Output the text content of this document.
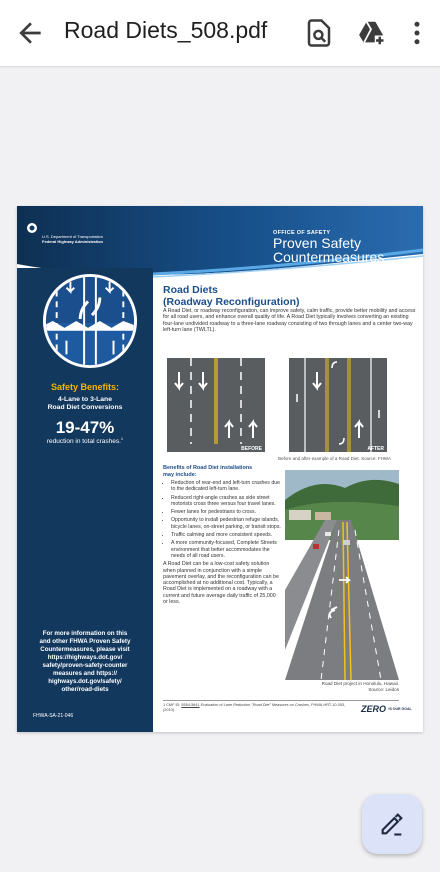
Road Diets_508.pdf
U.S. Department of Transportation
Federal Highway Administration
OFFICE OF SAFETY
Proven Safety
Countermeasures
Safety Benefits:
4-Lane to 3-Lane
Road Diet Conversions
19-47%
reduction in total crashes.$^1$
For more information on this
and other FHWA Proven Safety
Countermeasures, please visit
https://highways.dot.gov/
safety/proven-safety-counter
measures and https://
highways.dot.gov/safety/
other/road-diets
FHWA-SA-21-046
Road Diets
(Roadway Reconfiguration)
A Road Diet, or roadway reconfiguration, can improve safety, calm traffic, provide better mobility and access for all road users, and enhance overall quality of life. A Road Diet typically involves converting an existing four-lane undivided roadway to a three-lane roadway consisting of two through lanes and a center two-way left-turn lane (TWLTL).
BEFORE	AFTER
Before and after example of a Road Diet. Source: FHWA
Benefits of Road Diet installations
may include:
• Reduction of rear-end and left-turn crashes due to the dedicated left-turn lane.
• Reduced right-angle crashes as side street motorists cross three versus four travel lanes.
• Fewer lanes for pedestrians to cross.
• Opportunity to install pedestrian refuge islands, bicycle lanes, on-street parking, or transit stops.
• Traffic calming and more consistent speeds.
• A more community-focused, Complete Streets environment that better accommodates the needs of all road users.
A Road Diet can be a low-cost safety solution when planned in conjunction with a simple pavement overlay, and the reconfiguration can be accomplished at no additional cost. Typically, a Road Diet is implemented on a roadway with a current and future average daily traffic of 25,000 or less.
Road Diet project in Honolulu, Hawaii.
Source: Leidos
1 CMF ID: 5554-5641 Evaluation of Lane Reduction "Road Diet" Measures on Crashes, FHWA-HRT-10-053, (2010).	ZERO IS OUR GOAL
